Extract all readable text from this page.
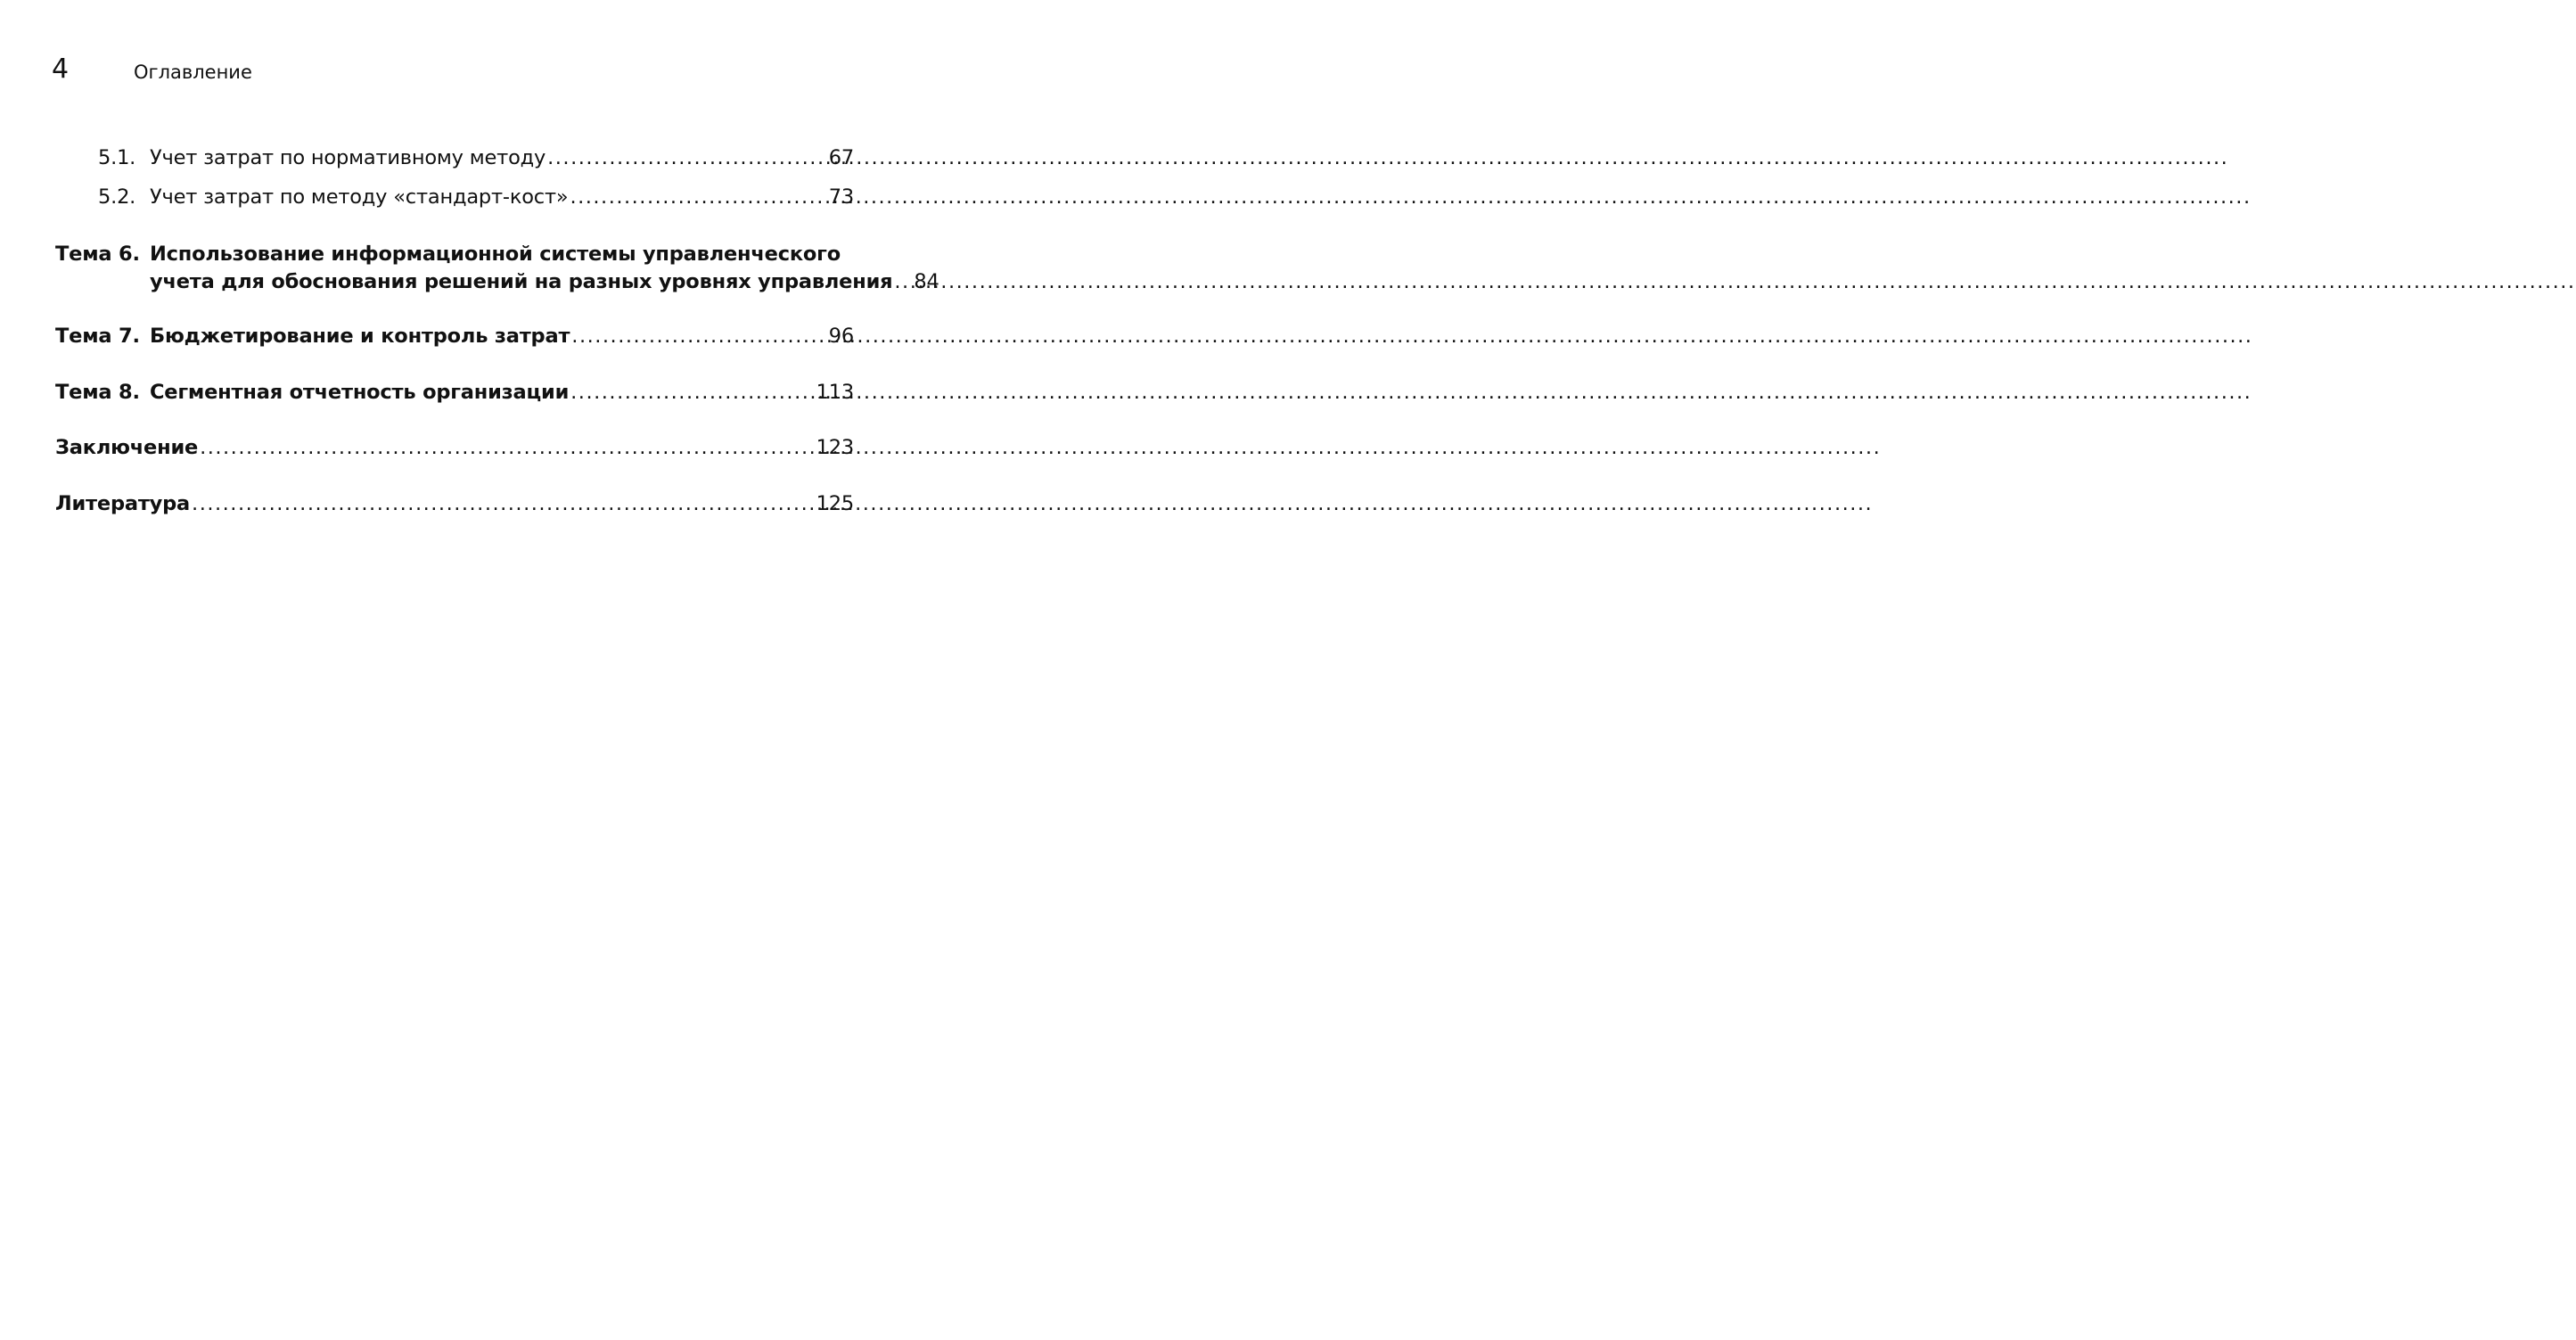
4	Оглавление
5.1. Учет затрат по нормативному методу .....	67
5.2. Учет затрат по методу «стандарт-кост» .....	73
Тема 6. Использование информационной системы управленческого
учета для обоснования решений на разных уровнях управления ..... 84
Тема 7. Бюджетирование и контроль затрат .....	96
Тема 8. Сегментная отчетность организации .....	113
Заключение .....	123
Литература .....	125
